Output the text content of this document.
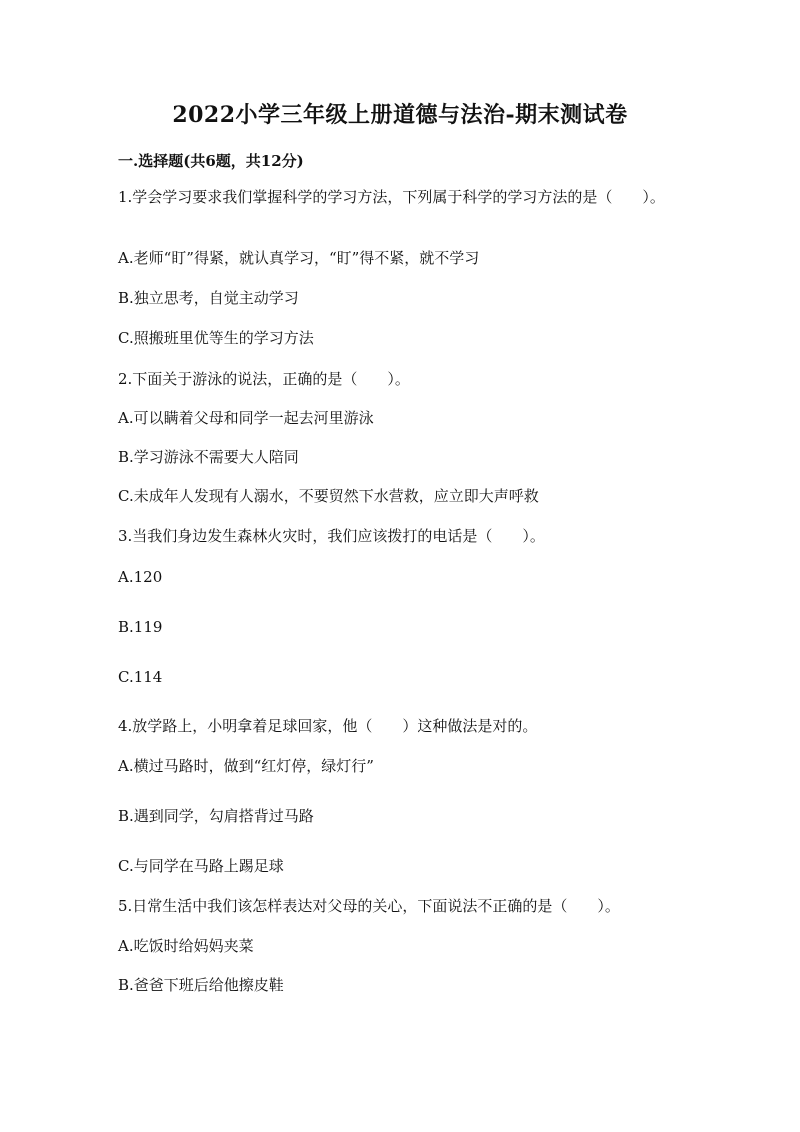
2022小学三年级上册道德与法治-期末测试卷
一.选择题(共6题，共12分)
1.学会学习要求我们掌握科学的学习方法，下列属于科学的学习方法的是（　　）。
A.老师“盯”得紧，就认真学习，“盯”得不紧，就不学习
B.独立思考，自觉主动学习
C.照搬班里优等生的学习方法
2.下面关于游泳的说法，正确的是（　　）。
A.可以瞒着父母和同学一起去河里游泳
B.学习游泳不需要大人陪同
C.未成年人发现有人溺水，不要贸然下水营救，应立即大声呼救
3.当我们身边发生森林火灾时，我们应该拨打的电话是（　　）。
A.120
B.119
C.114
4.放学路上，小明拿着足球回家，他（　　）这种做法是对的。
A.横过马路时，做到“红灯停，绿灯行”
B.遇到同学，勾肩搭背过马路
C.与同学在马路上踢足球
5.日常生活中我们该怎样表达对父母的关心，下面说法不正确的是（　　）。
A.吃饭时给妈妈夹菜
B.爸爸下班后给他擦皮鞋
